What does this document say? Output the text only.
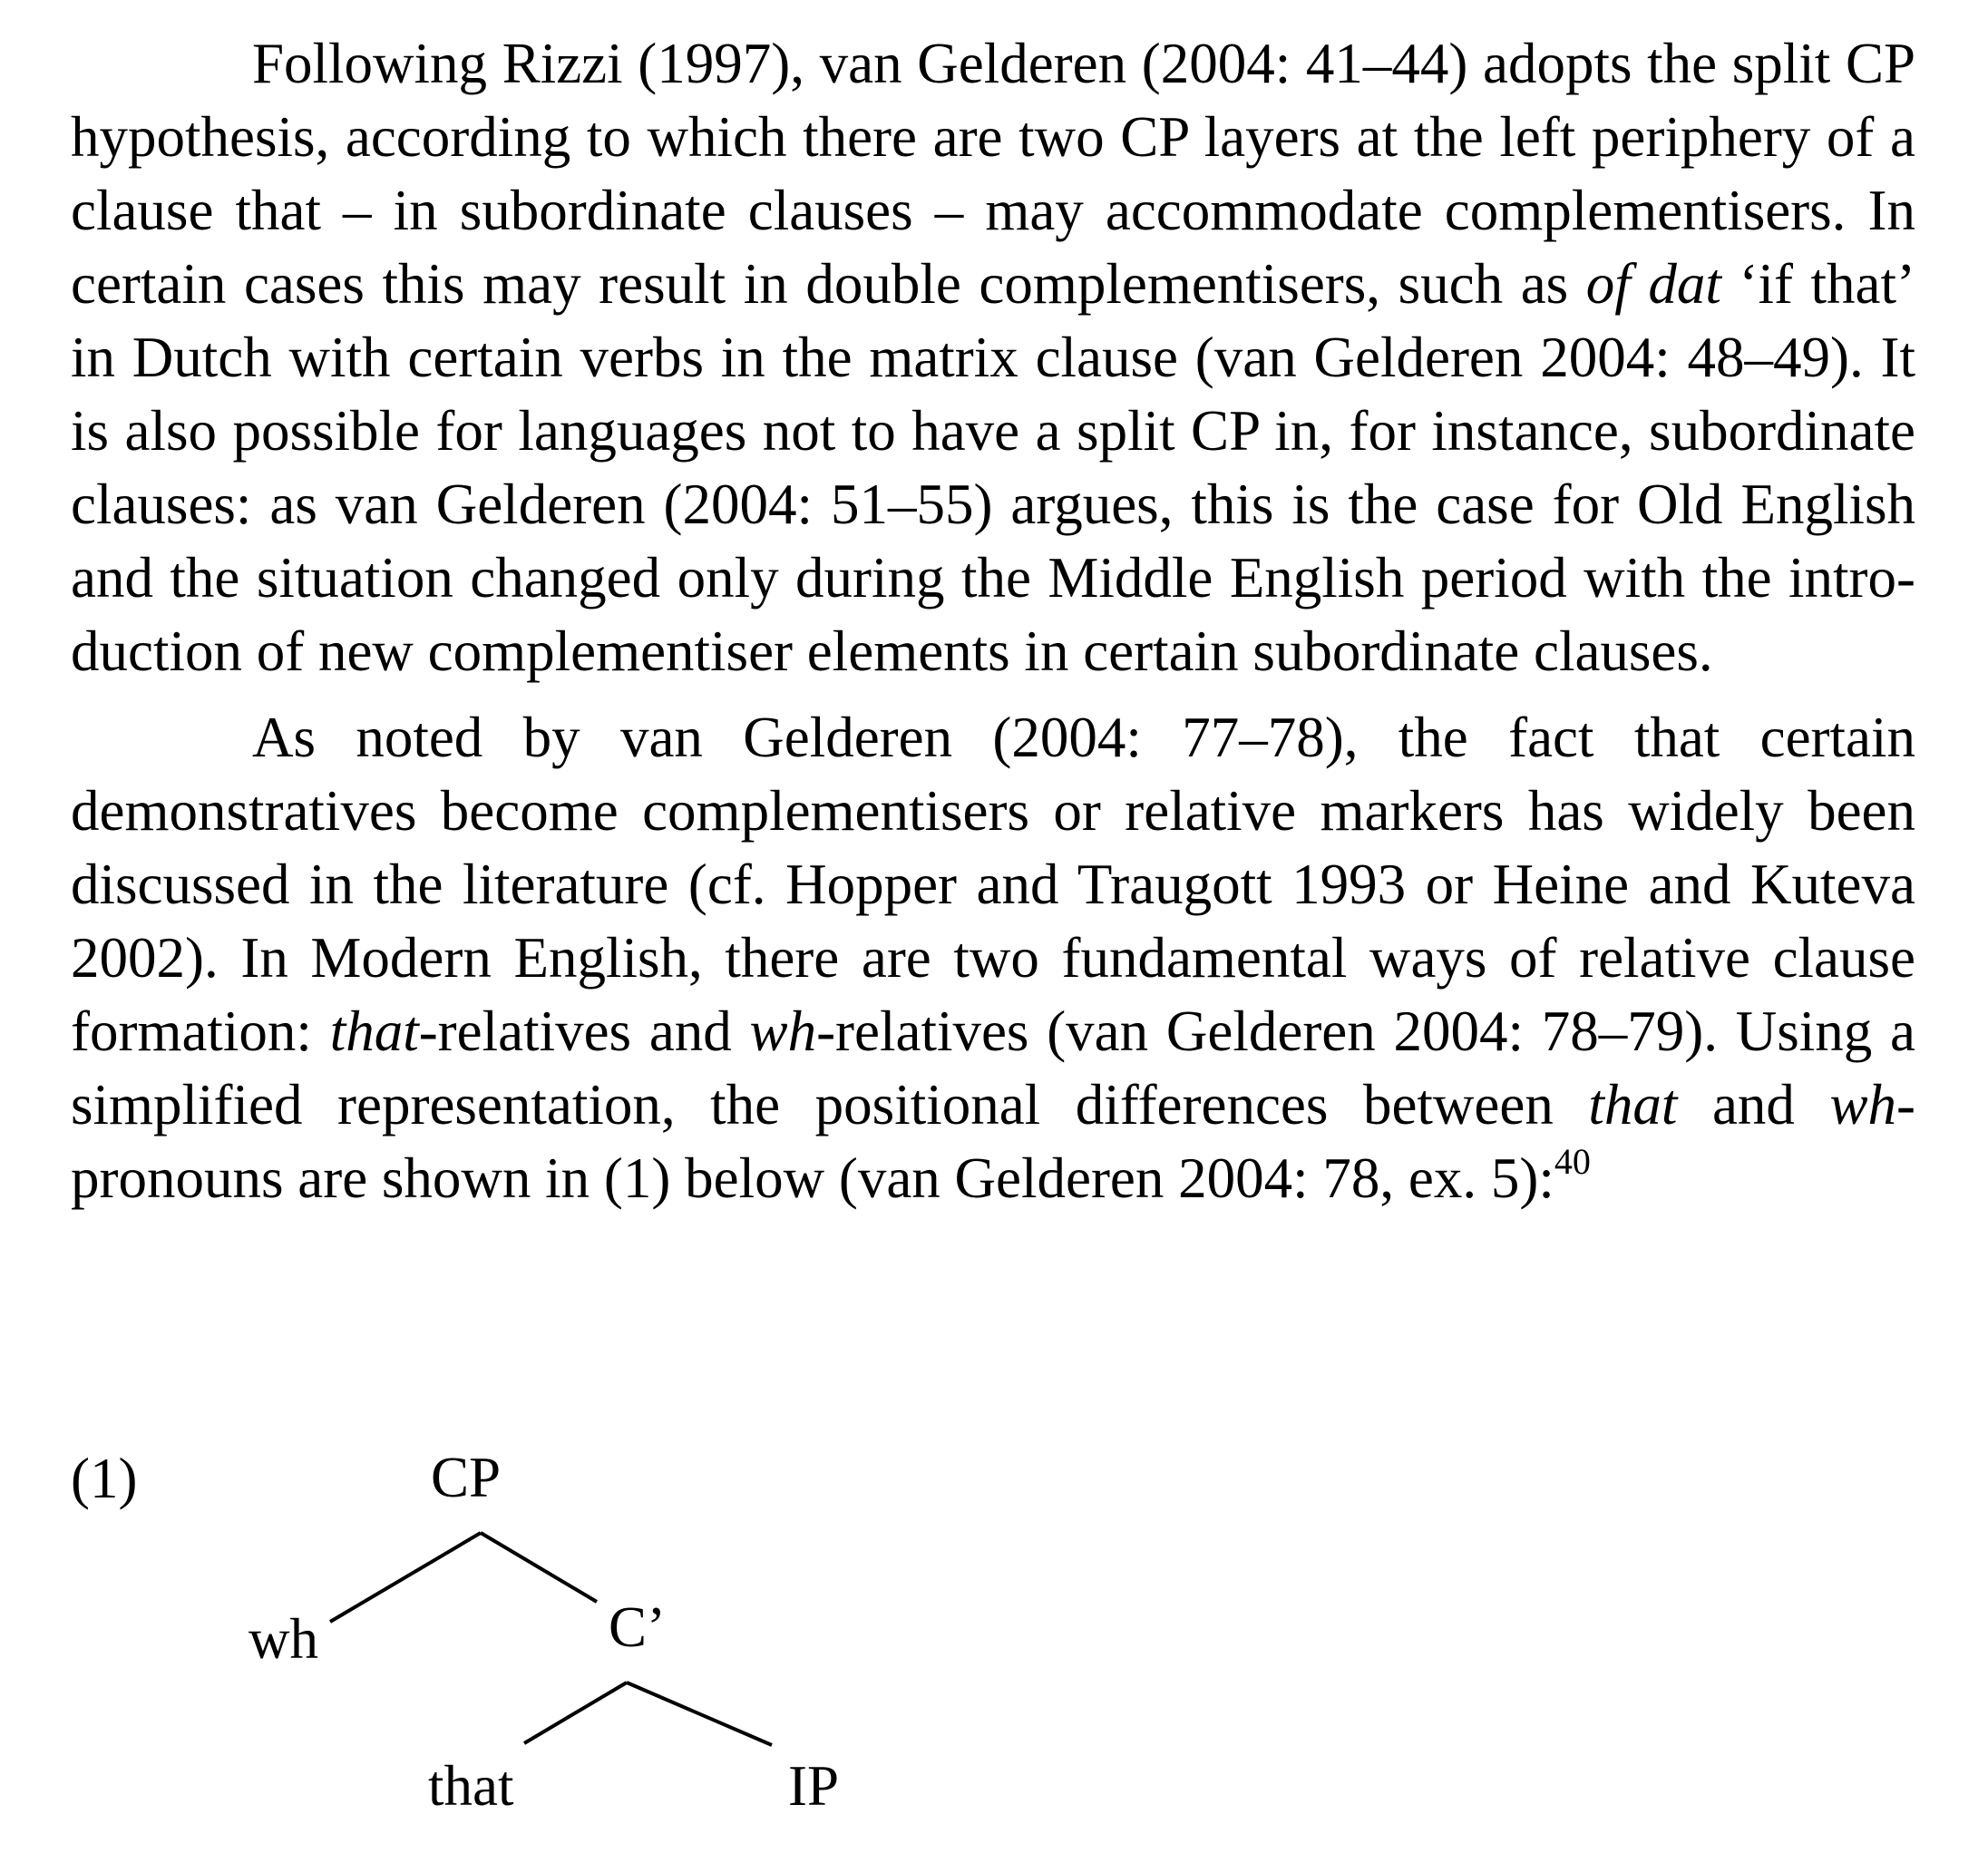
Following Rizzi (1997), van Gelderen (2004: 41–44) adopts the split CP hypothesis, according to which there are two CP layers at the left periphery of a clause that – in subordinate clauses – may accommodate complementisers. In certain cases this may result in double complementisers, such as of dat ‘if that’ in Dutch with certain verbs in the matrix clause (van Gelderen 2004: 48–49). It is also possible for languages not to have a split CP in, for instance, subordinate clauses: as van Gelderen (2004: 51–55) argues, this is the case for Old English and the situation changed only during the Middle English period with the introduction of new complementiser elements in certain subordinate clauses.

As noted by van Gelderen (2004: 77–78), the fact that certain demonstratives become complementisers or relative markers has widely been discussed in the literature (cf. Hopper and Traugott 1993 or Heine and Kuteva 2002). In Modern English, there are two fundamental ways of relative clause formation: that-relatives and wh-relatives (van Gelderen 2004: 78–79). Using a simplified representation, the positional differences between that and wh-pronouns are shown in (1) below (van Gelderen 2004: 78, ex. 5):$^{40}$

(1)	CP
wh	C’
that	IP
